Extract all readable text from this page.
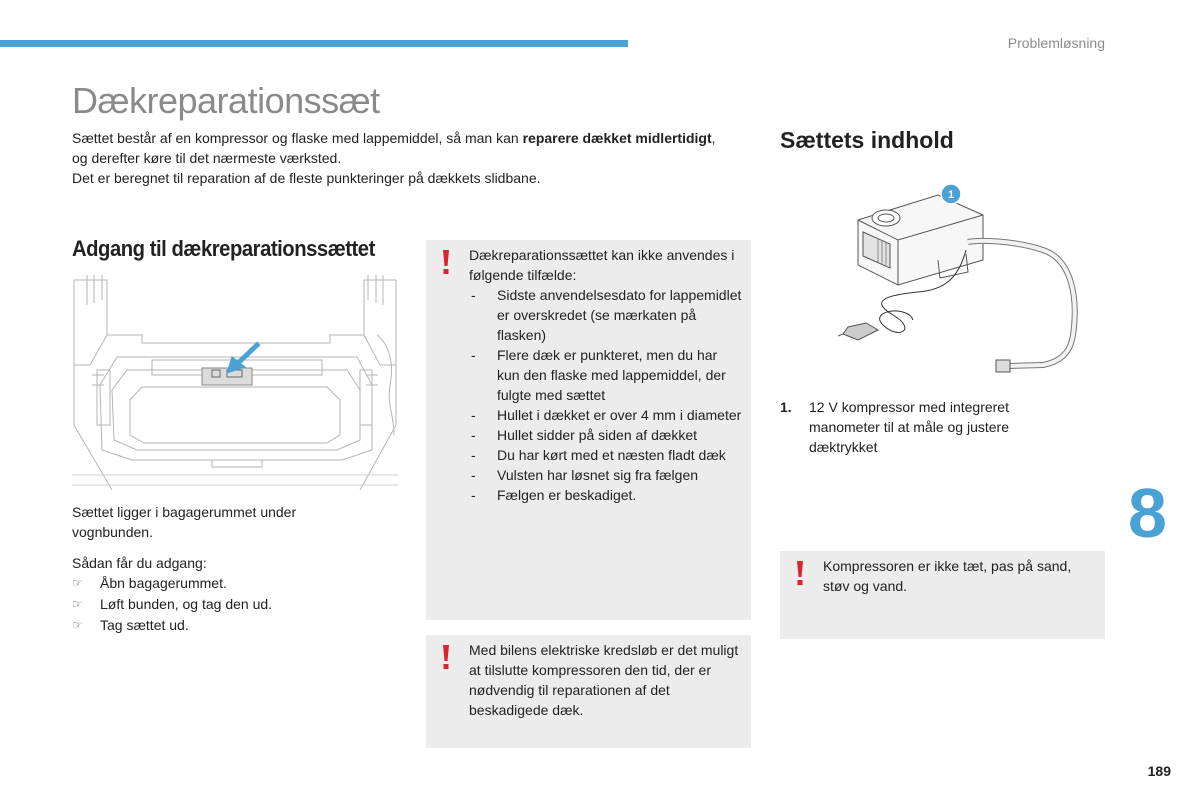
Problemløsning
Dækreparationssæt

Sættet består af en kompressor og flaske med lappemiddel, så man kan reparere dækket midlertidigt, og derefter køre til det nærmeste værksted.

Det er beregnet til reparation af de fleste punkteringer på dækkets slidbane.

Adgang til dækreparationssættet

Sættet ligger i bagagerummet under vognbunden.

Sådan får du adgang:
☞	Åbn bagagerummet.
☞	Løft bunden, og tag den ud.
☞	Tag sættet ud.

Dækreparationssættet kan ikke anvendes i følgende tilfælde:

-	Sidste anvendelsesdato for lappemidlet er overskredet (se mærkaten på flasken)
-	Flere dæk er punkteret, men du har kun den flaske med lappemiddel, der fulgte med sættet
-	Hullet i dækket er over 4 mm i diameter
-	Hullet sidder på siden af dækket
-	Du har kørt med et næsten fladt dæk
-	Vulsten har løsnet sig fra fælgen
-	Fælgen er beskadiget.
Med bilens elektriske kredsløb er det muligt at tilslutte kompressoren den tid, der er nødvendig til reparationen af det beskadigede dæk.
Sættets indhold
1
1.	12 V kompressor med integreret manometer til at måle og justere dæktrykket
Kompressoren er ikke tæt, pas på sand, støv og vand.
8
189
